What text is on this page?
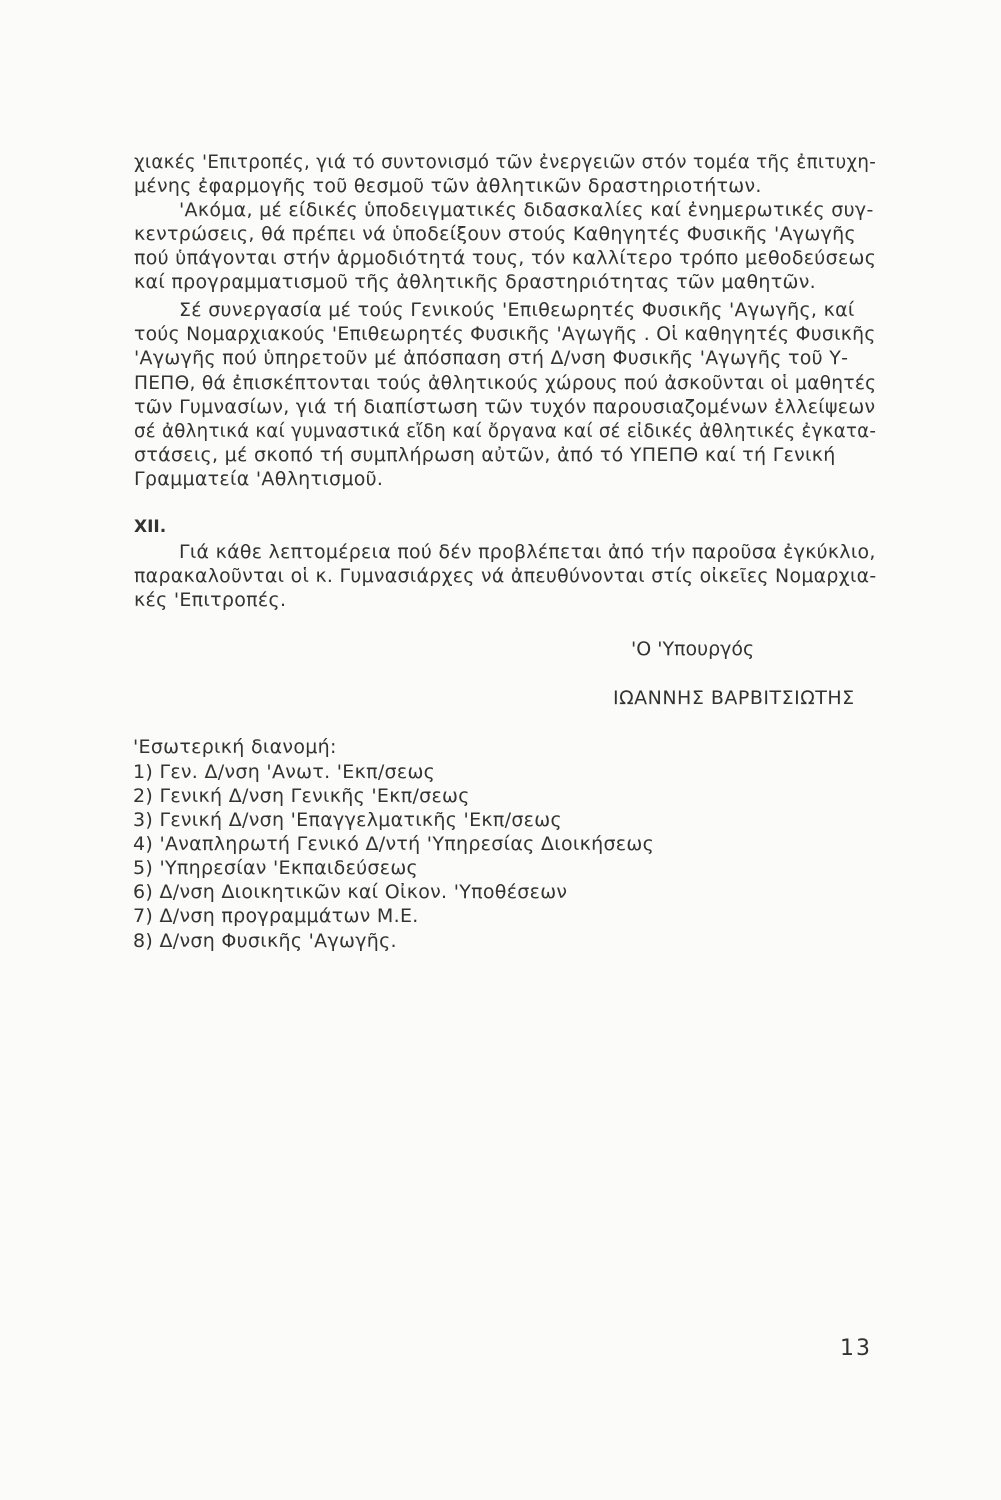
χιακές 'Επιτροπές, γιά τό συντονισμό τῶν ἐνεργειῶν στόν τομέα τῆς ἐπιτυχη-
μένης ἐφαρμογῆς τοῦ θεσμοῦ τῶν ἀθλητικῶν δραστηριοτήτων.
'Ακόμα, μέ είδικές ὑποδειγματικές διδασκαλίες καί ἐνημερωτικές συγ-
κεντρώσεις, θά πρέπει νά ὑποδείξουν στούς Καθηγητές Φυσικῆς 'Αγωγῆς
πού ὑπάγονται στήν ἁρμοδιότητά τους, τόν καλλίτερο τρόπο μεθοδεύσεως
καί προγραμματισμοῦ τῆς ἀθλητικῆς δραστηριότητας τῶν μαθητῶν.
Σέ συνεργασία μέ τούς Γενικούς 'Επιθεωρητές Φυσικῆς 'Αγωγῆς, καί
τούς Νομαρχιακούς 'Επιθεωρητές Φυσικῆς 'Αγωγῆς . Οἱ καθηγητές Φυσικῆς
'Αγωγῆς πού ὑπηρετοῦν μέ ἀπόσπαση στή Δ/νση Φυσικῆς 'Αγωγῆς τοῦ Υ-
ΠΕΠΘ, θά ἐπισκέπτονται τούς ἀθλητικούς χώρους πού ἀσκοῦνται οἱ μαθητές
τῶν Γυμνασίων, γιά τή διαπίστωση τῶν τυχόν παρουσιαζομένων ἐλλείψεων
σέ ἀθλητικά καί γυμναστικά εἴδη καί ὄργανα καί σέ εἰδικές ἀθλητικές ἐγκατα-
στάσεις, μέ σκοπό τή συμπλήρωση αὐτῶν, ἀπό τό ΥΠΕΠΘ καί τή Γενική
Γραμματεία 'Αθλητισμοῦ.
XII.
Γιά κάθε λεπτομέρεια πού δέν προβλέπεται ἀπό τήν παροῦσα ἐγκύκλιο,
παρακαλοῦνται οἱ κ. Γυμνασιάρχες νά ἀπευθύνονται στίς οἰκεῖες Νομαρχια-
κές 'Επιτροπές.
'Ο 'Υπουργός
ΙΩΑΝΝΗΣ ΒΑΡΒΙΤΣΙΩΤΗΣ
'Εσωτερική διανομή:
1) Γεν. Δ/νση 'Ανωτ. 'Εκπ/σεως
2) Γενική Δ/νση Γενικῆς 'Εκπ/σεως
3) Γενική Δ/νση 'Επαγγελματικῆς 'Εκπ/σεως
4) 'Αναπληρωτή Γενικό Δ/ντή 'Υπηρεσίας Διοικήσεως
5) 'Υπηρεσίαν 'Εκπαιδεύσεως
6) Δ/νση Διοικητικῶν καί Οἰκον. 'Υποθέσεων
7) Δ/νση προγραμμάτων Μ.Ε.
8) Δ/νση Φυσικῆς 'Αγωγῆς.
13
